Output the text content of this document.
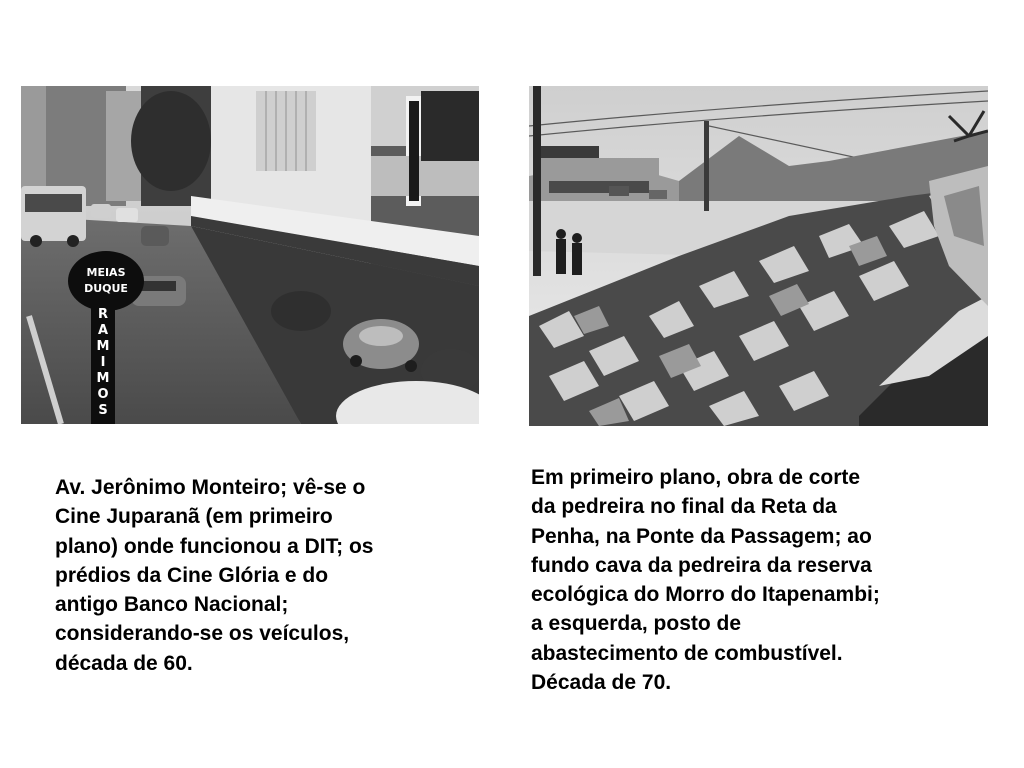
MEIAS
DUQUE
R
A
M
I
M
O
S
Av. Jerônimo Monteiro; vê-se o
Cine Juparanã (em primeiro
plano) onde funcionou a DIT; os
prédios da Cine Glória e do
antigo Banco Nacional;
considerando-se os veículos,
década de 60.
Em primeiro plano, obra de corte
da pedreira no final da Reta da
Penha, na Ponte da Passagem; ao
fundo cava da pedreira da reserva
ecológica do Morro do Itapenambi;
a esquerda, posto de
abastecimento de combustível.
Década de 70.
